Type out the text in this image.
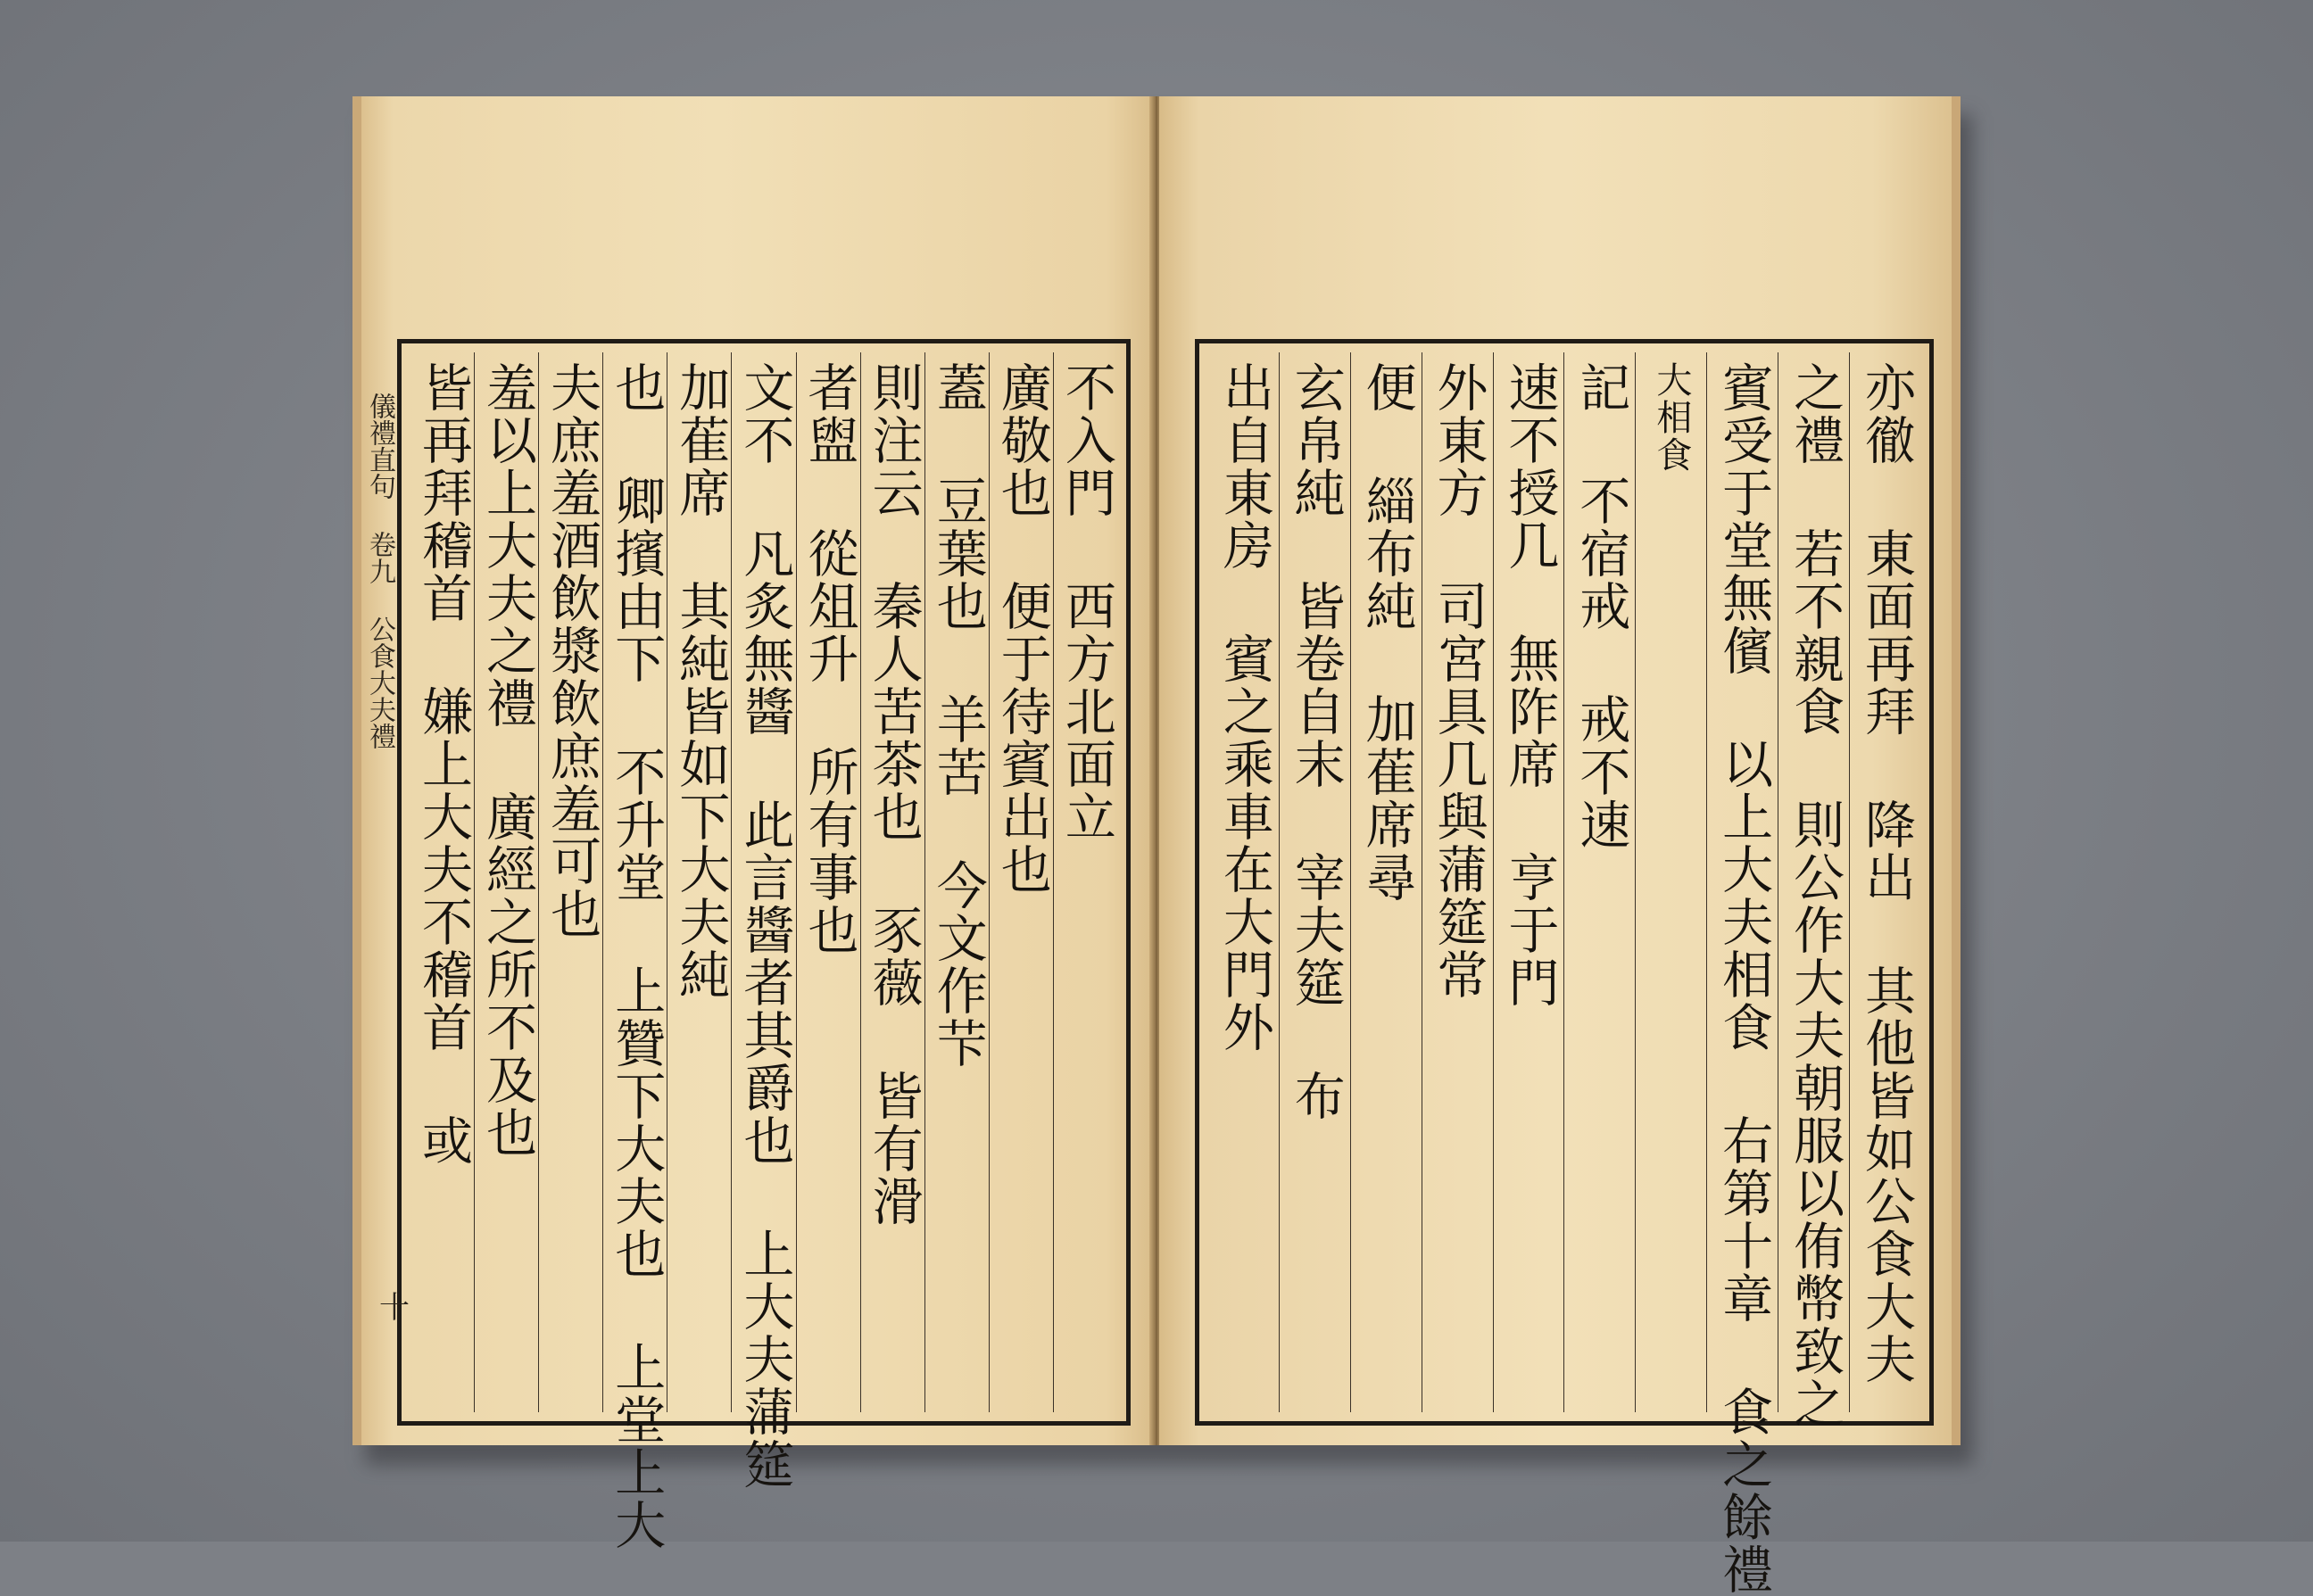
儀禮直句 卷九 公食大夫禮	不入門 西方北面立
廣敬也 便于待賓出也
蓋 豆葉也 羊苦 今文作芐
則注云 秦人苦茶也 豕薇 皆有滑
者盥 從俎升 所有事也
文不 凡炙無醬 此言醬者其爵也 上大夫蒲筵
加萑席 其純皆如下大夫純
也 卿擯由下 不升堂 上贊下大夫也 上堂上大
夫庶羞酒飲漿飲庶羞可也
羞以上大夫之禮 廣經之所不及也
皆再拜稽首 嫌上大夫不稽首 或
十	亦徹 東面再拜 降出 其他皆如公食大夫
之禮 若不親食 則公作大夫朝服以侑幣致之
賓受于堂無儐 以上大夫相食 右第十章 食之餘禮
大相食
記 不宿戒 戒不速
速不授几 無阼席 亨于門
外東方 司宮具几與蒲筵常
便 緇布純 加萑席尋
玄帛純 皆卷自末 宰夫筵 布
出自東房 賓之乘車在大門外
